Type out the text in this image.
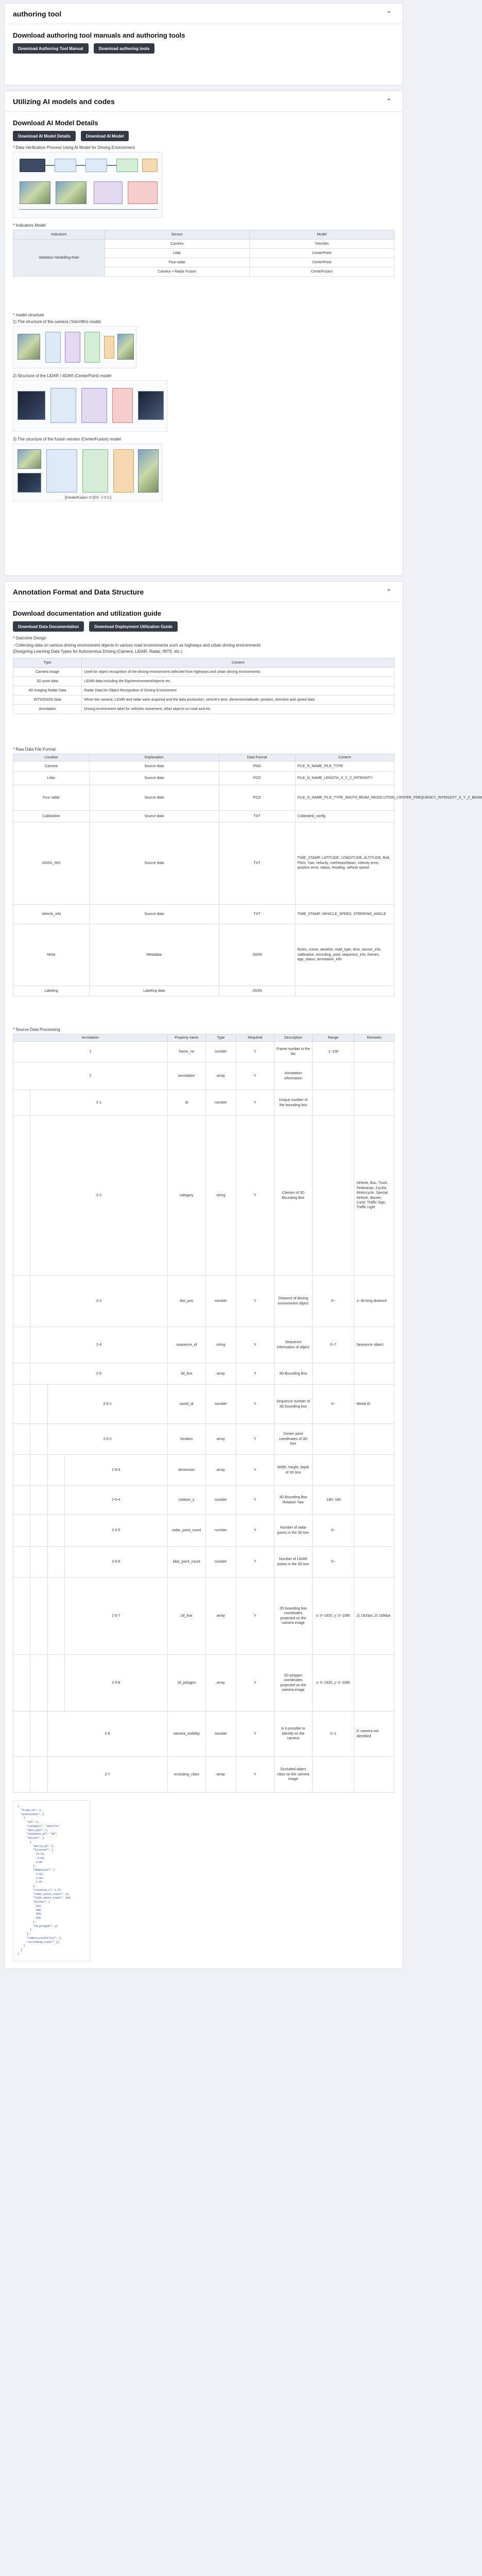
authoring tool	⌃
Download authoring tool manuals and authoring tools
Download Authoring Tool Manual	Download authoring tools
Utilizing AI models and codes	⌃
Download AI Model Details
Download AI Model Details	Download AI Model
* Data Verification Process Using AI Model for Driving Environment
* Indicators Model
Indicators	Sensor	Model
Validation Modelling Rate	Camera	YoloV8m
	Lidar	CenterPoint
	Four radar	CenterPoint
	Camera + Radar Fusion	CenterFusion
* model structure
1) The structure of the camera (YoloV8m) model
2) Structure of the LiDAR / 4DAR (CenterPoint) model
3) The structure of the fusion version (CenterFusion) model
[CenterFusion 모델의 구조도]
Annotation Format and Data Structure	⌃
Download documentation and utilization guide
Download Data Documentation	Download Deployment Utilization Guide
* Outcome Design
- Collecting data on various driving environment objects in various road environments such as highways and urban driving environments
(Designing Learning Data Types for Autonomous Driving (Camera, LiDAR, Radar, INTS, etc.)
Type	Content
Camera image	Used for object recognition of the driving environment collected from highways and urban driving environments
3D point data	LiDAR data including the Ego/environment/objects etc.
4D imaging Radar Data	Radar Data for Object Recognition of Driving Environment
INTS/GNSS data	When the camera, LiDAR and radar were acquired and the data production, vehicle's time, dimension/attitude, position, direction and speed data
Annotation	Driving environment label for vehicles movement, other objects on road and etc.
* Raw Data File Format
Location	Explanation	Data Format	Content
Camera	Source data	PNG	FILE_N_NAME_FILE_TYPE
Lidar	Source data	PCD	FILE_N_NAME_LENGTH_X_Y_Z_INTENSITY
Four radar	Source data	PCD	FILE_N_NAME_FILE_TYPE_WIDTH_BEAM_RESOLUTION_CENTER_FREQUENCY_INTENSITY_X_Y_Z_BEAM
Calibration	Source data	TXT	Colibrated_config
GNSS_INS	Source data	TXT	TIME_STAMP, LATITUDE, LONGITUDE, ALTITUDE, Roll, Pitch, Yaw, Velocity, north/east/down, velocity error, position error, status, heading, vehicle speed
Vehicle_info	Source data	TXT	TIME_STAMP, VEHICLE_SPEED, STEERING_ANGLE
Meta	Metadata	JSON	Rules, scene, weather, road_type, time, sensor_info, calibration, recording_area, sequence_info, frames, ego_status, annotation_info
Labeling	Labeling data	JSON	
* Source Data Processing
Annotation				Property name	Type	Required	Description	Range	Remarks
1				frame_no	number	Y	Frame number in the file	1~100	
2				annotation	array	Y	Annotation information		
	2-1			id	number	Y	Unique number of the bounding box		
	2-2			category	string	Y	Classes of 3D Bounding Box		Vehicle, Bus, Truck, Pedestrian, Cyclist, Motorcycle, Special Vehicle, Barrier, Cone, Traffic Sign, Traffic Light
	2-3			dist_pos	number	Y	Distance of driving environment object	0~	1~30 long distance
	2-4			sequence_id	string	Y	Sequence information of object	0~7	Sequence object
	2-5			3d_box	array	Y	3D Bounding Box		
		2-5-1		world_id	number	Y	Sequence number of 3D bounding box	0~	World ID
		2-5-2		location	array	Y	Center point coordinates of 3D box		
			2-5-3	dimension	array	Y	Width, height, depth of 3D box		
			2-5-4	rotation_y	number	Y	3D Bounding Box Rotation Yaw	-180~180	
			2-5-5	radar_point_count	number	Y	Number of radar points in the 3D box	0~	
			2-5-6	lidar_point_count	number	Y	Number of LiDAR points in the 3D box	0~	
			2-5-7	2d_box	array	Y	2D bounding box coordinates projected on the camera image	x: 0~1920, y: 0~1080	1) 1920px; 2) 1080px
			2-5-8	2d_polygon	array	Y	2D polygon coordinates projected on the camera image	x: 0~1920, y: 0~1080	
		2-6		camera_visibility	number	Y	Is it possible to identify on the camera	0~1	0: camera not identified
		2-7		occluding_class	array	Y	Occluded object class on the camera image		
{
"frame_no": 1,
"annotation": [
{
"id": 0,
"category": "Vehicle",
"dist_pos": 1,
"sequence_id": "00",
"3d_box": [
{
"world_id": 0,
"location": [
14.21,
-3.05,
0.88
],
"dimension": [
4.52,
1.89,
1.61
],
"rotation_y": 1.57,
"radar_point_count": 12,
"lidar_point_count": 348,
"2d_box": [
612,
498,
804,
640
],
"2d_polygon": []
}
],
"camera_visibility": 1,
"occluding_class": []
}
]
}
